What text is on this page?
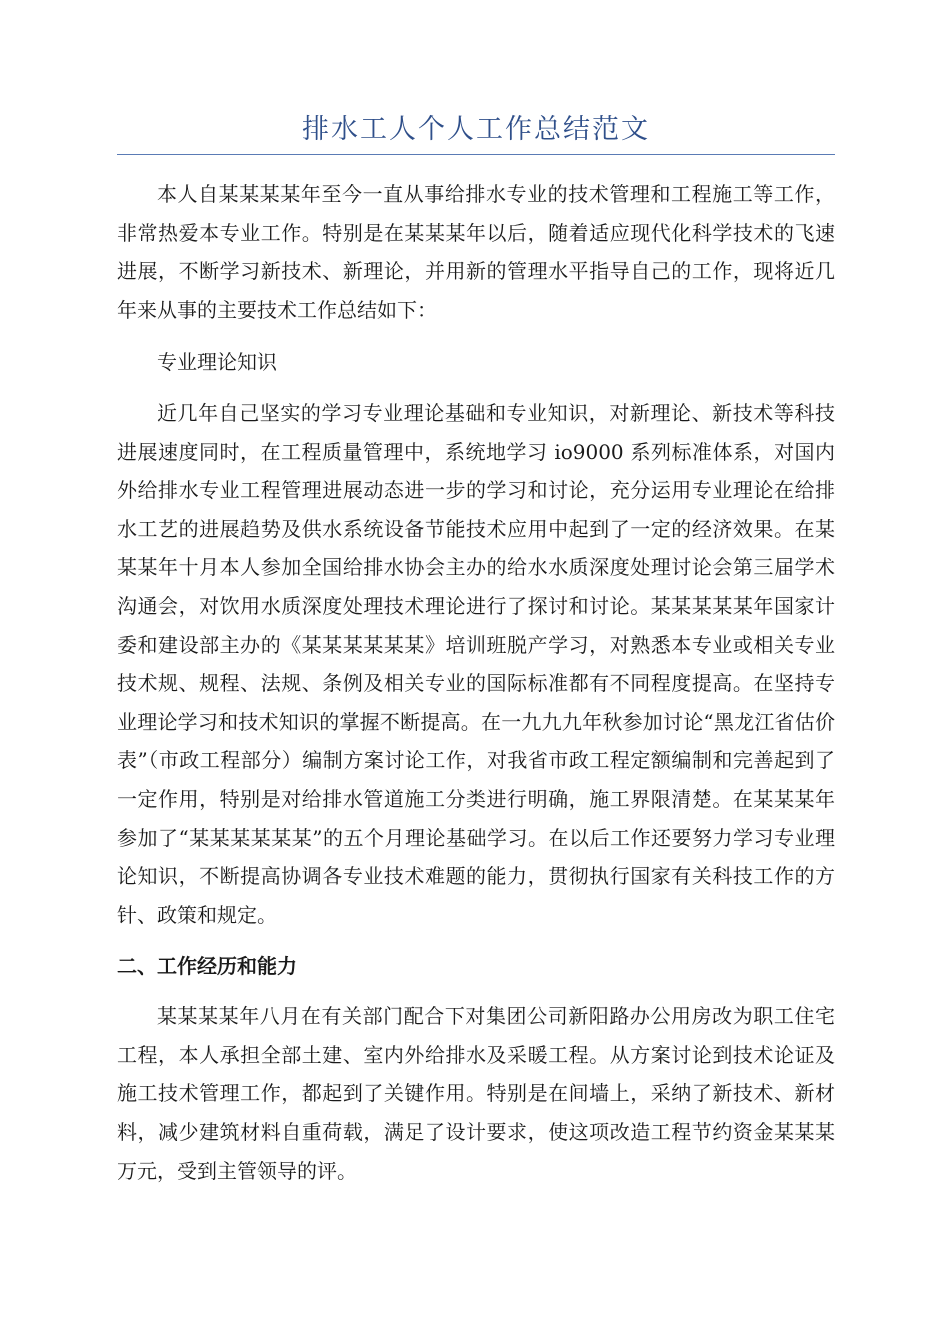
排水工人个人工作总结范文

本人自某某某某年至今一直从事给排水专业的技术管理和工程施工等工作，非常热爱本专业工作。特别是在某某某年以后，随着适应现代化科学技术的飞速进展，不断学习新技术、新理论，并用新的管理水平指导自己的工作，现将近几年来从事的主要技术工作总结如下：

专业理论知识

近几年自己坚实的学习专业理论基础和专业知识，对新理论、新技术等科技进展速度同时，在工程质量管理中，系统地学习 io9000 系列标准体系，对国内外给排水专业工程管理进展动态进一步的学习和讨论，充分运用专业理论在给排水工艺的进展趋势及供水系统设备节能技术应用中起到了一定的经济效果。在某某某年十月本人参加全国给排水协会主办的给水水质深度处理讨论会第三届学术沟通会，对饮用水质深度处理技术理论进行了探讨和讨论。某某某某某年国家计委和建设部主办的《某某某某某某》培训班脱产学习，对熟悉本专业或相关专业技术规、规程、法规、条例及相关专业的国际标准都有不同程度提高。在坚持专业理论学习和技术知识的掌握不断提高。在一九九九年秋参加讨论“黑龙江省估价表”（市政工程部分）编制方案讨论工作，对我省市政工程定额编制和完善起到了一定作用，特别是对给排水管道施工分类进行明确，施工界限清楚。在某某某年参加了“某某某某某某”的五个月理论基础学习。在以后工作还要努力学习专业理论知识，不断提高协调各专业技术难题的能力，贯彻执行国家有关科技工作的方针、政策和规定。

二、工作经历和能力

某某某某年八月在有关部门配合下对集团公司新阳路办公用房改为职工住宅工程，本人承担全部土建、室内外给排水及采暖工程。从方案讨论到技术论证及施工技术管理工作，都起到了关键作用。特别是在间墙上，采纳了新技术、新材料，减少建筑材料自重荷载，满足了设计要求，使这项改造工程节约资金某某某万元，受到主管领导的评。
